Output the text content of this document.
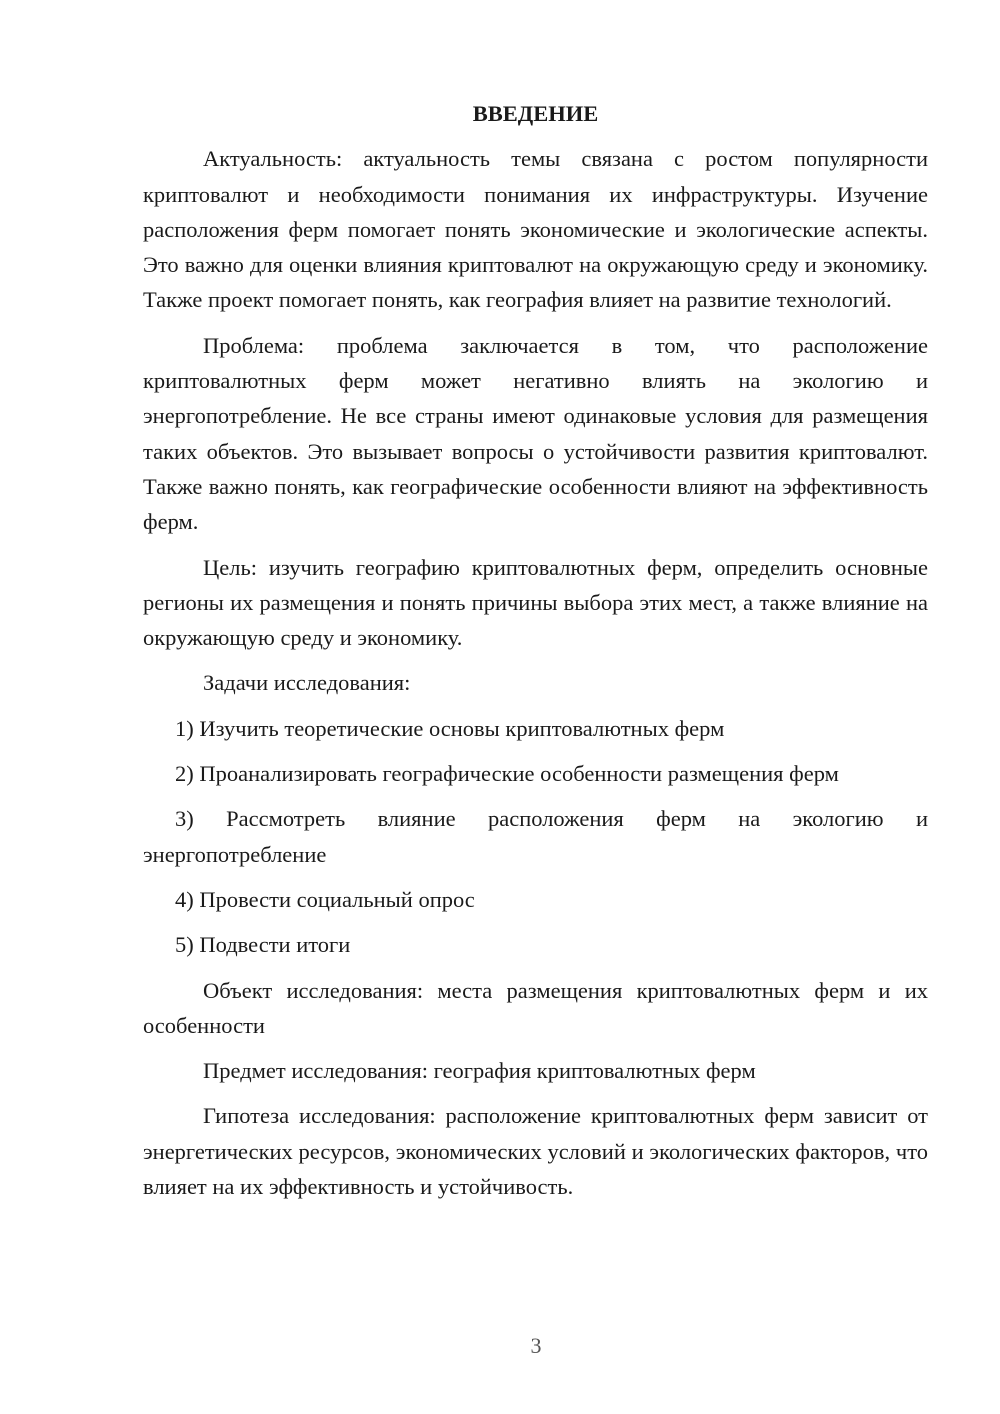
ВВЕДЕНИЕ

Актуальность: актуальность темы связана с ростом популярности криптовалют и необходимости понимания их инфраструктуры. Изучение расположения ферм помогает понять экономические и экологические аспекты. Это важно для оценки влияния криптовалют на окружающую среду и экономику. Также проект помогает понять, как география влияет на развитие технологий.

Проблема: проблема заключается в том, что расположение криптовалютных ферм может негативно влиять на экологию и энергопотребление. Не все страны имеют одинаковые условия для размещения таких объектов. Это вызывает вопросы о устойчивости развития криптовалют. Также важно понять, как географические особенности влияют на эффективность ферм.

Цель: изучить географию криптовалютных ферм, определить основные регионы их размещения и понять причины выбора этих мест, а также влияние на окружающую среду и экономику.

Задачи исследования:

1) Изучить теоретические основы криптовалютных ферм

2) Проанализировать географические особенности размещения ферм

3) Рассмотреть влияние расположения ферм на экологию и энергопотребление

4) Провести социальный опрос

5) Подвести итоги

Объект исследования: места размещения криптовалютных ферм и их особенности

Предмет исследования: география криптовалютных ферм

Гипотеза исследования: расположение криптовалютных ферм зависит от энергетических ресурсов, экономических условий и экологических факторов, что влияет на их эффективность и устойчивость.

3
